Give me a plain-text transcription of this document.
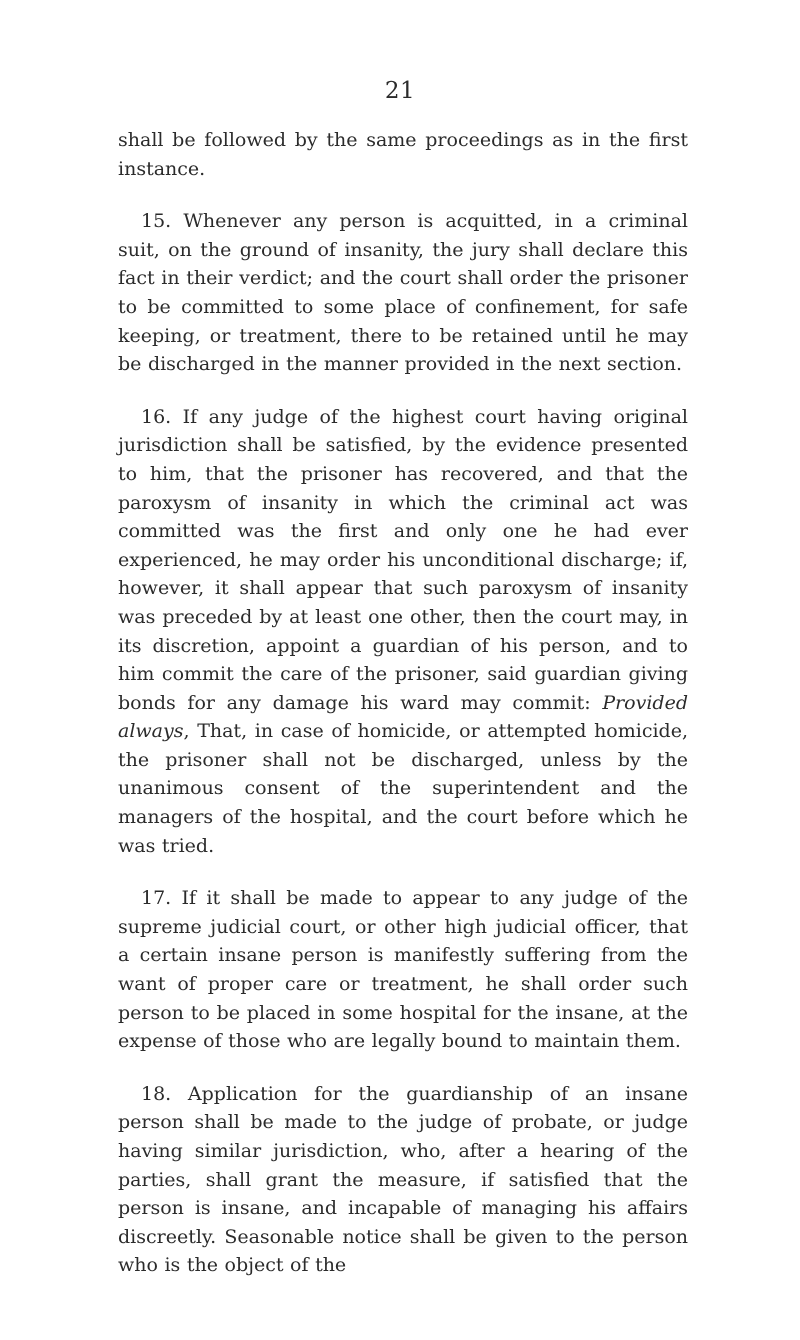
21

shall be followed by the same proceedings as in the first instance.

15. Whenever any person is acquitted, in a criminal suit, on the ground of insanity, the jury shall declare this fact in their verdict; and the court shall order the prisoner to be committed to some place of confinement, for safe keeping, or treatment, there to be retained until he may be discharged in the manner provided in the next section.

16. If any judge of the highest court having original jurisdiction shall be satisfied, by the evidence presented to him, that the prisoner has recovered, and that the paroxysm of insanity in which the criminal act was committed was the first and only one he had ever experienced, he may order his unconditional discharge; if, however, it shall appear that such paroxysm of insanity was preceded by at least one other, then the court may, in its discretion, appoint a guardian of his person, and to him commit the care of the prisoner, said guardian giving bonds for any damage his ward may commit: Provided always, That, in case of homicide, or attempted homicide, the prisoner shall not be discharged, unless by the unanimous consent of the superintendent and the managers of the hospital, and the court before which he was tried.

17. If it shall be made to appear to any judge of the supreme judicial court, or other high judicial officer, that a certain insane person is manifestly suffering from the want of proper care or treatment, he shall order such person to be placed in some hospital for the insane, at the expense of those who are legally bound to maintain them.

18. Application for the guardianship of an insane person shall be made to the judge of probate, or judge having similar jurisdiction, who, after a hearing of the parties, shall grant the measure, if satisfied that the person is insane, and incapable of managing his affairs discreetly. Seasonable notice shall be given to the person who is the object of the
